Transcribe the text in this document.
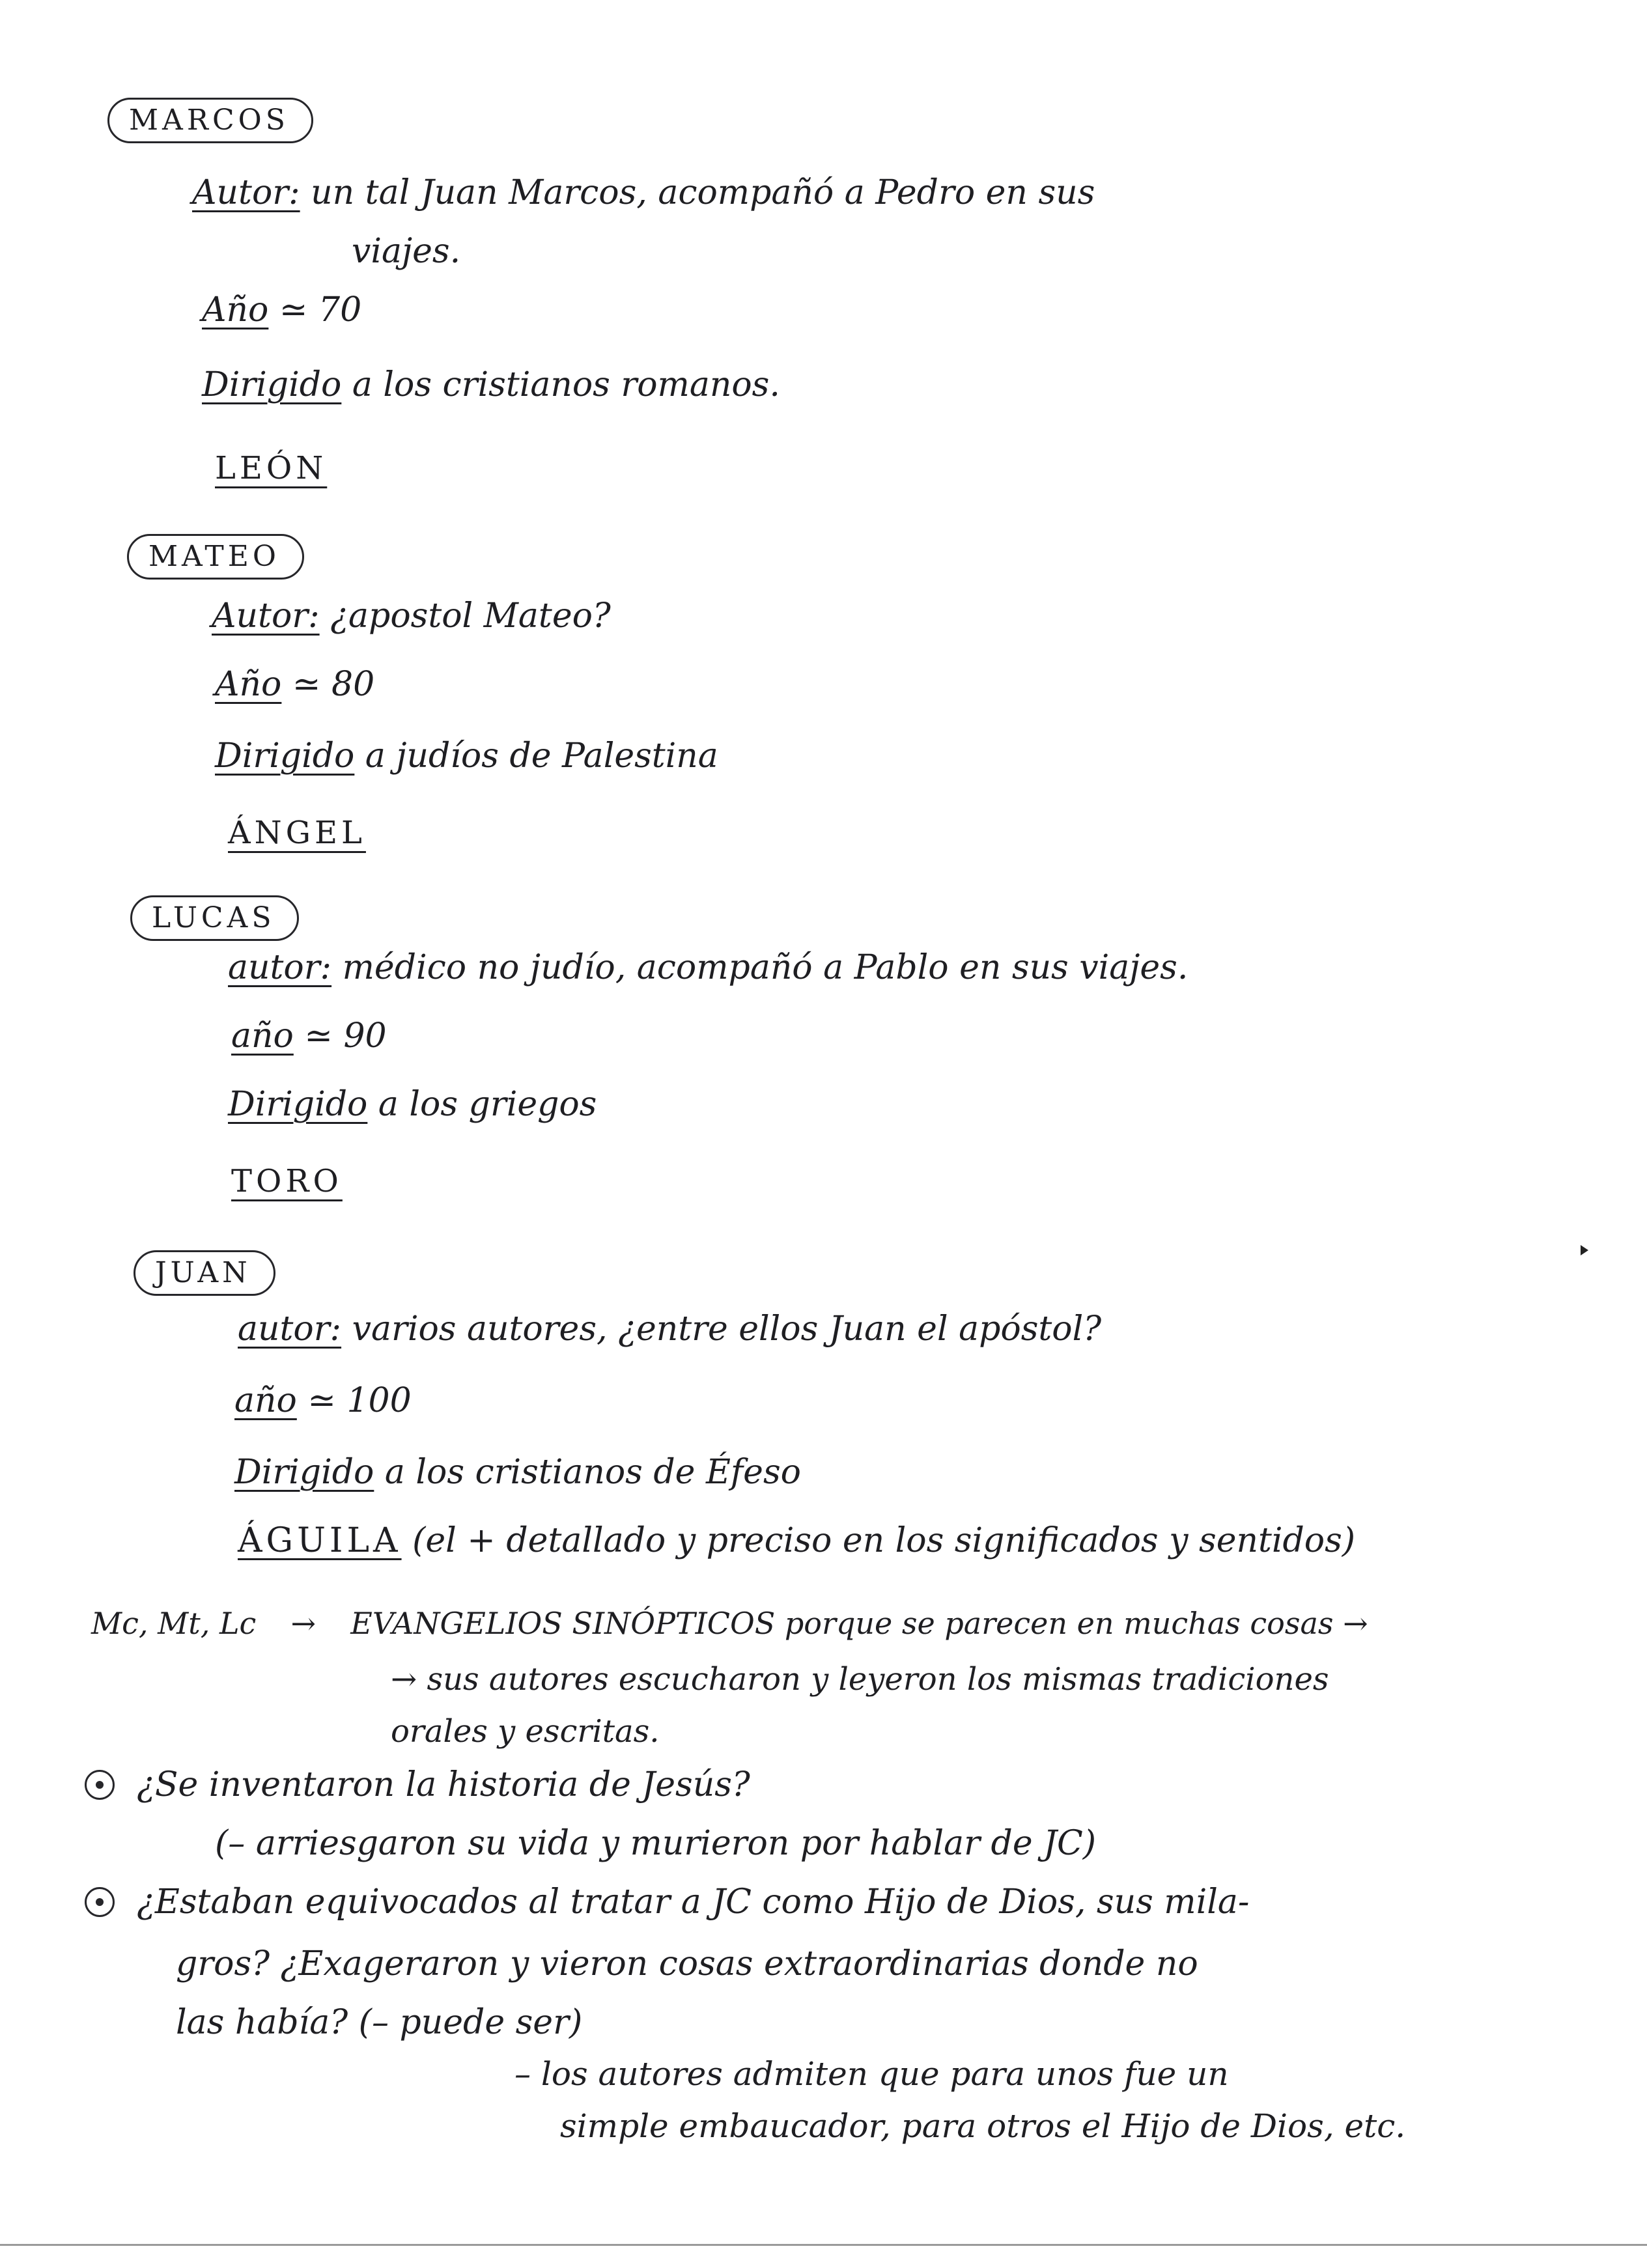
MARCOS
Autor: un tal Juan Marcos, acompañó a Pedro en sus
viajes.
Año ≃ 70
Dirigido a los cristianos romanos.
LEÓN
MATEO
Autor: ¿apostol Mateo?
Año ≃ 80
Dirigido a judíos de Palestina
ÁNGEL
LUCAS
autor: médico no judío, acompañó a Pablo en sus viajes.
año ≃ 90
Dirigido a los griegos
TORO
JUAN
autor: varios autores, ¿entre ellos Juan el apóstol?
año ≃ 100
Dirigido a los cristianos de Éfeso
ÁGUILA (el + detallado y preciso en los significados y sentidos)
Mc, Mt, Lc → EVANGELIOS SINÓPTICOS porque se parecen en muchas cosas →
→ sus autores escucharon y leyeron los mismas tradiciones
orales y escritas.
¿Se inventaron la historia de Jesús?
(– arriesgaron su vida y murieron por hablar de JC)
¿Estaban equivocados al tratar a JC como Hijo de Dios, sus mila-
gros? ¿Exageraron y vieron cosas extraordinarias donde no
las había? (– puede ser)
– los autores admiten que para unos fue un
simple embaucador, para otros el Hijo de Dios, etc.
